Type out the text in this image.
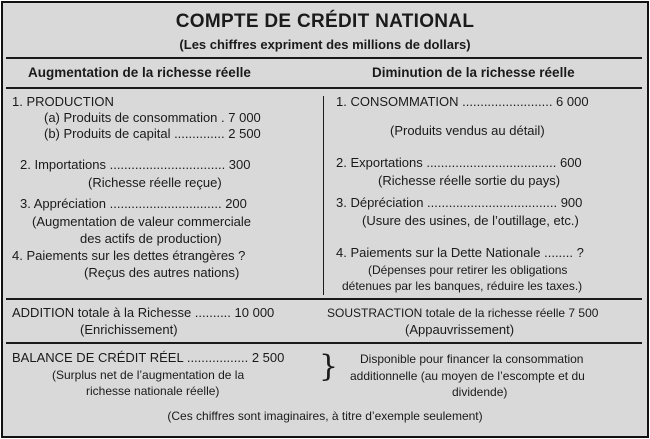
COMPTE DE CRÉDIT NATIONAL
(Les chiffres expriment des millions de dollars)
Augmentation de la richesse réelle	Diminution de la richesse réelle
1. PRODUCTION
(a) Produits de consommation . 7 000
(b) Produits de capital .............. 2 500
2. Importations ................................ 300
(Richesse réelle reçue)
3. Appréciation ............................... 200
(Augmentation de valeur commerciale
des actifs de production)
4. Paiements sur les dettes étrangères ?
(Reçus des autres nations)
1. CONSOMMATION ......................... 6 000
(Produits vendus au détail)
2. Exportations .................................... 600
(Richesse réelle sortie du pays)
3. Dépréciation .................................... 900
(Usure des usines, de l’outillage, etc.)
4. Paiements sur la Dette Nationale ........ ?
(Dépenses pour retirer les obligations
détenues par les banques, réduire les taxes.)
ADDITION totale à la Richesse .......... 10 000
(Enrichissement)
SOUSTRACTION totale de la richesse réelle 7 500
(Appauvrissement)
BALANCE DE CRÉDIT RÉEL ................. 2 500
(Surplus net de l’augmentation de la
richesse nationale réelle)
} Disponible pour financer la consommation
additionnelle (au moyen de l’escompte et du
dividende)
(Ces chiffres sont imaginaires, à titre d’exemple seulement)
